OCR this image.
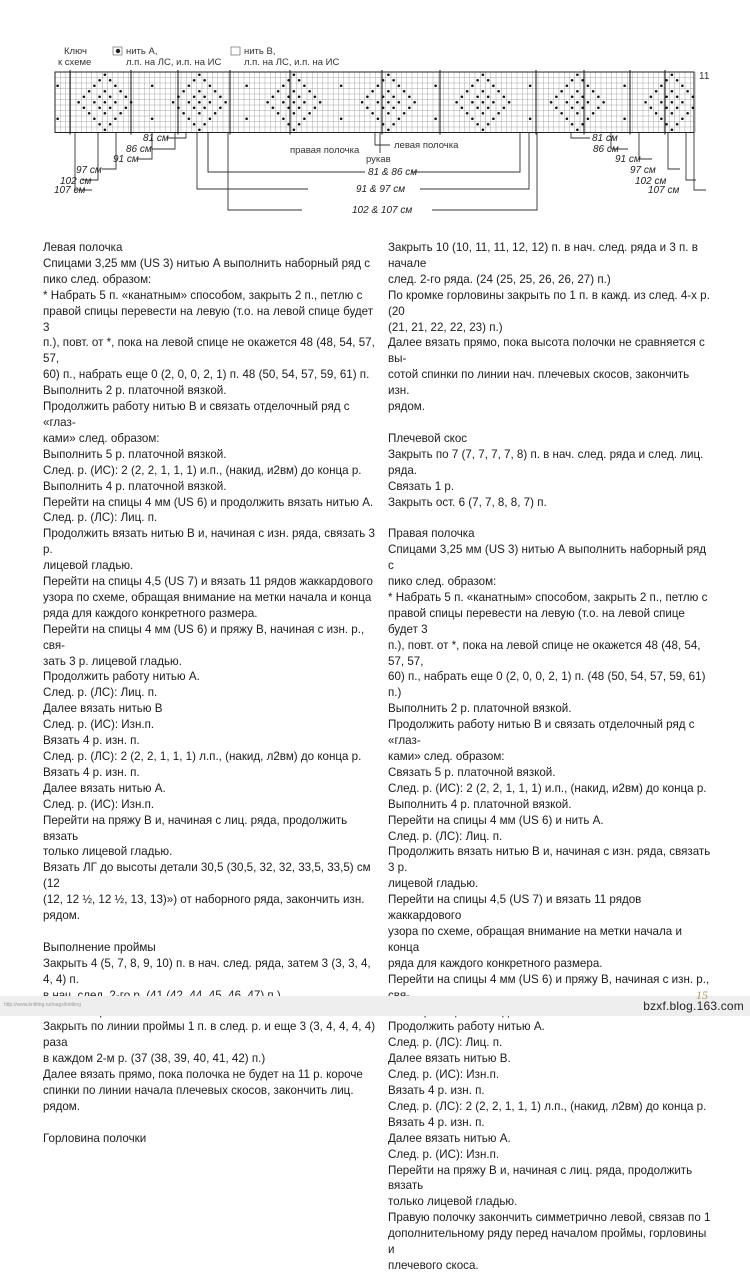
Ключ
к схеме
нить А,
л.п. на ЛС, и.п. на ИС
нить В,
л.п. на ЛС, и.п. на ИС
11
81 см
86 см
91 см
97 см
102 см
107 см
81 см
86 см
91 см
97 см
102 см
107 см
левая полочка
правая полочка
рукав
81 & 86 см
91 & 97 см
102 & 107 см

Левая полочка

Спицами 3,25 мм (US 3) нитью А выполнить наборный ряд с

пико след. образом:

* Набрать 5 п. «канатным» способом, закрыть 2 п., петлю с

правой спицы перевести на левую (т.о. на левой спице будет 3

п.), повт. от *, пока на левой спице не окажется 48 (48, 54, 57, 57,

60) п., набрать еще 0 (2, 0, 0, 2, 1) п. 48 (50, 54, 57, 59, 61) п.

Выполнить 2 р. платочной вязкой.

Продолжить работу нитью В и связать отделочный ряд с «глаз-

ками» след. образом:

Выполнить 5 р. платочной вязкой.

След. р. (ИС): 2 (2, 2, 1, 1, 1) и.п., (накид, и2вм) до конца р.

Выполнить 4 р. платочной вязкой.

Перейти на спицы 4 мм (US 6) и продолжить вязать нитью А.

След. р. (ЛС): Лиц. п.

Продолжить вязать нитью В и, начиная с изн. ряда, связать 3 р.

лицевой гладью.

Перейти на спицы 4,5 (US 7) и вязать 11 рядов жаккардового

узора по схеме, обращая внимание на метки начала и конца

ряда для каждого конкретного размера.

Перейти на спицы 4 мм (US 6) и пряжу В, начиная с изн. р., свя-

зать 3 р. лицевой гладью.

Продолжить работу нитью А.

След. р. (ЛС): Лиц. п.

Далее вязать нитью В

След. р. (ИС): Изн.п.

Вязать 4 р. изн. п.

След. р. (ЛС): 2 (2, 2, 1, 1, 1) л.п., (накид, л2вм) до конца р.

Вязать 4 р. изн. п.

Далее вязать нитью А.

След. р. (ИС): Изн.п.

Перейти на пряжу В и, начиная с лиц. ряда, продолжить вязать

только лицевой гладью.

Вязать ЛГ до высоты детали 30,5 (30,5, 32, 32, 33,5, 33,5) см (12

(12, 12 ½, 12 ½, 13, 13)») от наборного ряда, закончить изн.

рядом.

Выполнение проймы

Закрыть 4 (5, 7, 8, 9, 10) п. в нач. след. ряда, затем 3 (3, 3, 4, 4, 4) п.

Закрыть по линии проймы 1 п. в след. р. и еще 3 (3, 4, 4, 4, 4) раза

в каждом 2-м р. (37 (38, 39, 40, 41, 42) п.)

Далее вязать прямо, пока полочка не будет на 11 р. короче

спинки по линии начала плечевых скосов, закончить лиц.

рядом.

Горловина полочки

Закрыть 10 (10, 11, 11, 12, 12) п. в нач. след. ряда и 3 п. в начале

след. 2-го ряда. (24 (25, 25, 26, 26, 27) п.)

По кромке горловины закрыть по 1 п. в кажд. из след. 4-х р. (20

(21, 21, 22, 22, 23) п.)

Далее вязать прямо, пока высота полочки не сравняется с вы-

сотой спинки по линии нач. плечевых скосов, закончить изн.

рядом.

Плечевой скос

Закрыть по 7 (7, 7, 7, 7, 8) п. в нач. след. ряда и след. лиц. ряда.

Связать 1 р.

Закрыть ост. 6 (7, 7, 8, 8, 7) п.

Правая полочка

Спицами 3,25 мм (US 3) нитью А выполнить наборный ряд с

пико след. образом:

* Набрать 5 п. «канатным» способом, закрыть 2 п., петлю с

правой спицы перевести на левую (т.о. на левой спице будет 3

п.), повт. от *, пока на левой спице не окажется 48 (48, 54, 57, 57,

60) п., набрать еще 0 (2, 0, 0, 2, 1) п. (48 (50, 54, 57, 59, 61) п.)

Выполнить 2 р. платочной вязкой.

Продолжить работу нитью В и связать отделочный ряд с «глаз-

ками» след. образом:

Связать 5 р. платочной вязкой.

След. р. (ИС): 2 (2, 2, 1, 1, 1) и.п., (накид, и2вм) до конца р.

Выполнить 4 р. платочной вязкой.

Перейти на спицы 4 мм (US 6) и нить А.

След. р. (ЛС): Лиц. п.

Продолжить вязать нитью В и, начиная с изн. ряда, связать 3 р.

лицевой гладью.

Перейти на спицы 4,5 (US 7) и вязать 11 рядов жаккардового

узора по схеме, обращая внимание на метки начала и конца

ряда для каждого конкретного размера.

Перейти на спицы 4 мм (US 6) и пряжу В, начиная с изн. р.,

Продолжить работу нитью А.

След. р. (ЛС): Лиц. п.

Далее вязать нитью В.

След. р. (ИС): Изн.п.

Вязать 4 р. изн. п.

След. р. (ЛС): 2 (2, 2, 1, 1, 1) л.п., (накид, л2вм) до конца р.

Вязать 4 р. изн. п.

Далее вязать нитью А.

След. р. (ИС): Изн.п.

Перейти на пряжу В и, начиная с лиц. ряда, продолжить вязать

только лицевой гладью.

Правую полочку закончить симметрично левой, связав по 1

дополнительному ряду перед началом проймы, горловины и

плечевого скоса.

http://www.knitting.ru/mags/knitting
15
bzxf.blog.163.com
